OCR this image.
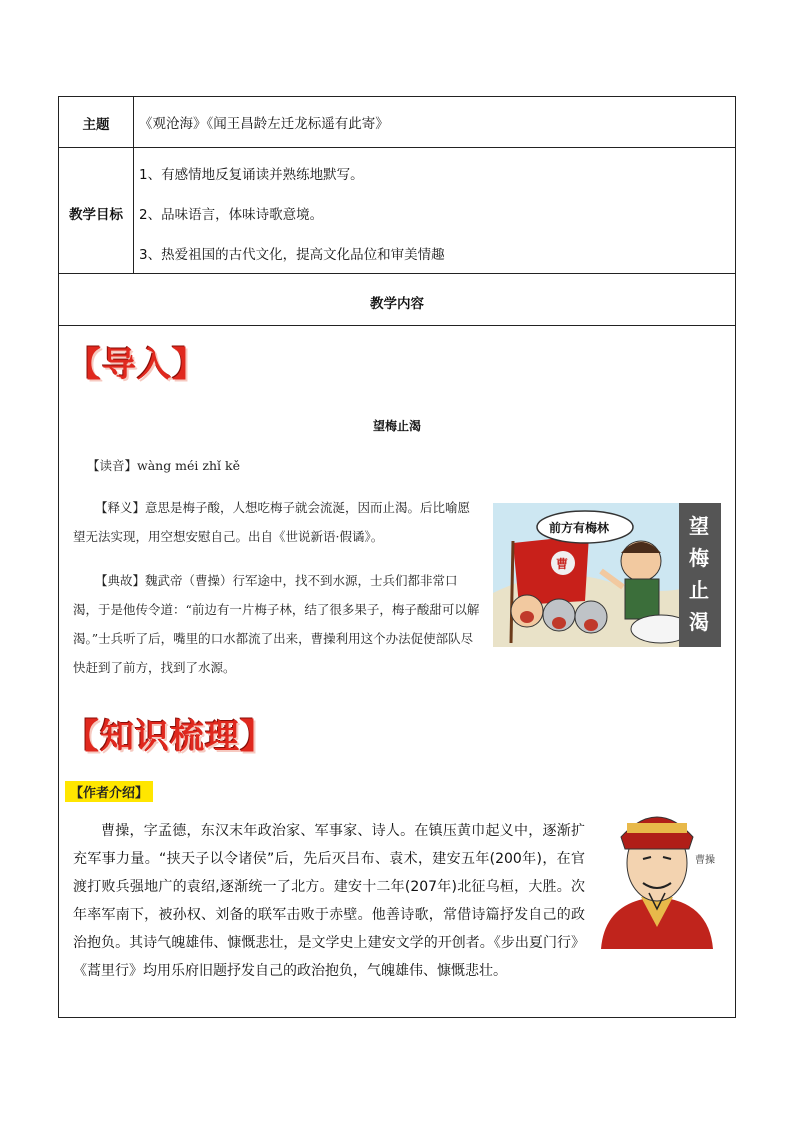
主题	《观沧海》《闻王昌龄左迁龙标遥有此寄》
教学目标
1、有感情地反复诵读并熟练地默写。
2、品味语言，体味诗歌意境。
3、热爱祖国的古代文化，提高文化品位和审美情趣
教学内容
【导入】
望梅止渴
【读音】wàng méi zhǐ kě
【释义】意思是梅子酸，人想吃梅子就会流涎，因而止渴。后比喻愿望无法实现，用空想安慰自己。出自《世说新语·假谲》。
【典故】魏武帝（曹操）行军途中，找不到水源，士兵们都非常口渴，于是他传令道：“前边有一片梅子林，结了很多果子，梅子酸甜可以解渴。”士兵听了后，嘴里的口水都流了出来，曹操利用这个办法促使部队尽快赶到了前方，找到了水源。
曹
前方有梅林	望
梅
止
渴
【知识梳理】
【作者介绍】
曹操，字孟德，东汉末年政治家、军事家、诗人。在镇压黄巾起义中，逐渐扩充军事力量。“挟天子以令诸侯”后，先后灭吕布、袁术，建安五年(200年)，在官渡打败兵强地广的袁绍,逐渐统一了北方。建安十二年(207年)北征乌桓，大胜。次年率军南下，被孙权、刘备的联军击败于赤壁。他善诗歌，常借诗篇抒发自己的政治抱负。其诗气魄雄伟、慷慨悲壮，是文学史上建安文学的开创者。《步出夏门行》《蒿里行》均用乐府旧题抒发自己的政治抱负，气魄雄伟、慷慨悲壮。
曹操
